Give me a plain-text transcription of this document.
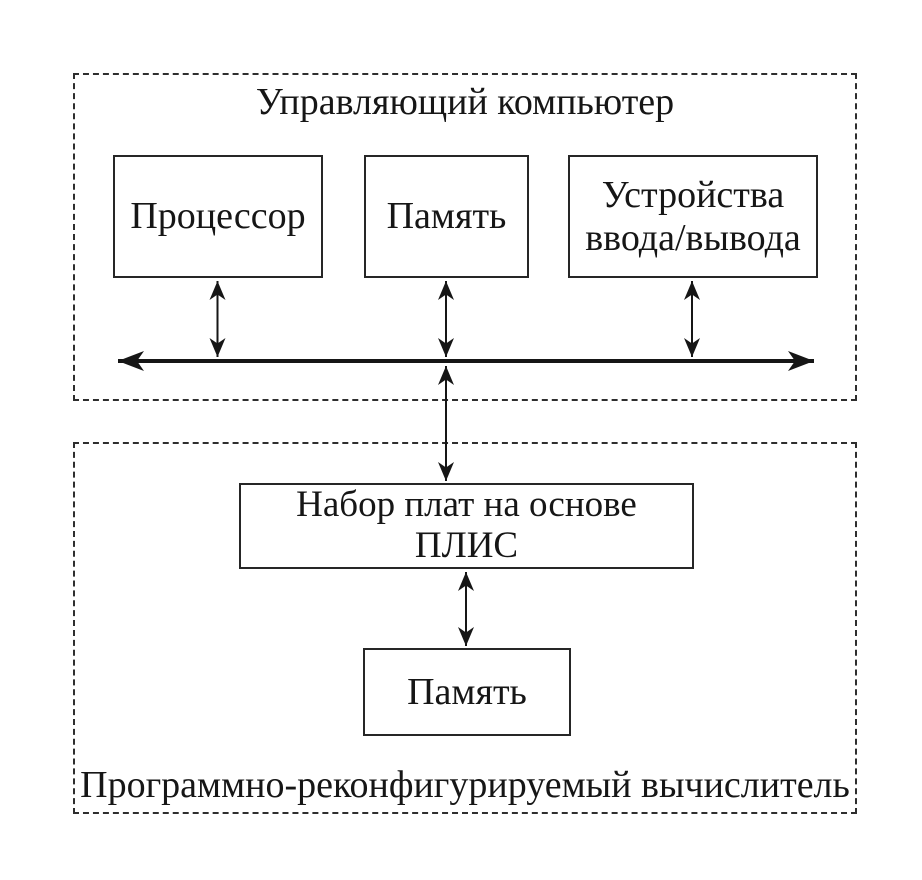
Управляющий компьютер
Процессор Память
Устройства
ввода/вывода
Программно-реконфигурируемый вычислитель
Набор плат на основе
ПЛИС
Память
